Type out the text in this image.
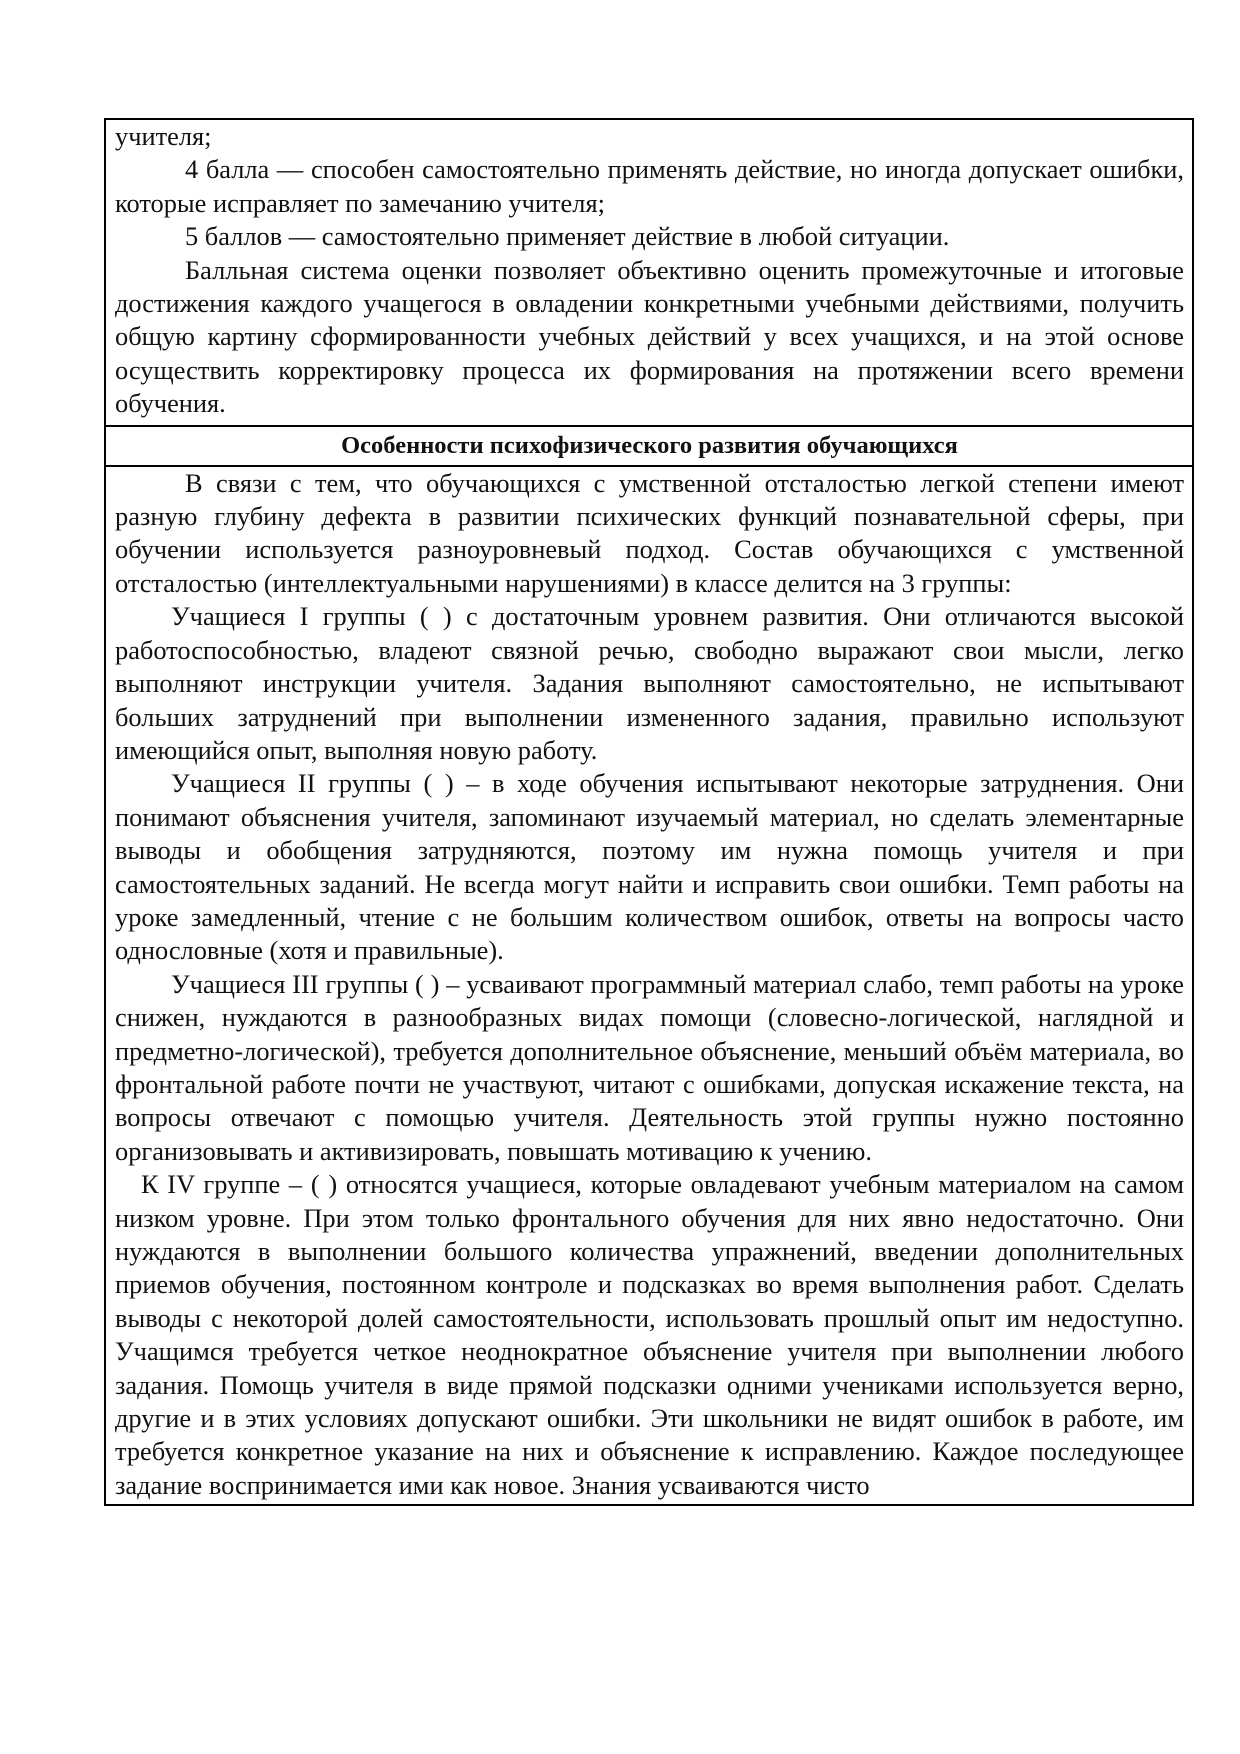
учителя;

4 балла — способен самостоятельно применять действие, но иногда допускает ошибки, которые исправляет по замечанию учителя;

5 баллов — самостоятельно применяет действие в любой ситуации.

Балльная система оценки позволяет объективно оценить промежуточные и итоговые достижения каждого учащегося в овладении конкретными учебными действиями, получить общую картину сформированности учебных действий у всех учащихся, и на этой основе осуществить корректировку процесса их формирования на протяжении всего времени обучения.

Особенности психофизического развития обучающихся

В связи с тем, что обучающихся с умственной отсталостью легкой степени имеют разную глубину дефекта в развитии психических функций познавательной сферы, при обучении используется разноуровневый подход. Состав обучающихся с умственной отсталостью (интеллектуальными нарушениями) в классе делится на 3 группы:

Учащиеся I группы ( ) с достаточным уровнем развития. Они отличаются высокой работоспособностью, владеют связной речью, свободно выражают свои мысли, легко выполняют инструкции учителя. Задания выполняют самостоятельно, не испытывают больших затруднений при выполнении измененного задания, правильно используют имеющийся опыт, выполняя новую работу.

Учащиеся II группы ( ) – в ходе обучения испытывают некоторые затруднения. Они понимают объяснения учителя, запоминают изучаемый материал, но сделать элементарные выводы и обобщения затрудняются, поэтому им нужна помощь учителя и при самостоятельных заданий. Не всегда могут найти и исправить свои ошибки. Темп работы на уроке замедленный, чтение с не большим количеством ошибок, ответы на вопросы часто однословные (хотя и правильные).

Учащиеся III группы ( ) – усваивают программный материал слабо, темп работы на уроке снижен, нуждаются в разнообразных видах помощи (словесно-логической, наглядной и предметно-логической), требуется дополнительное объяснение, меньший объём материала, во фронтальной работе почти не участвуют, читают с ошибками, допуская искажение текста, на вопросы отвечают с помощью учителя. Деятельность этой группы нужно постоянно организовывать и активизировать, повышать мотивацию к учению.

К IV группе – ( ) относятся учащиеся, которые овладевают учебным материалом на самом низком уровне. При этом только фронтального обучения для них явно недостаточно. Они нуждаются в выполнении большого количества упражнений, введении дополнительных приемов обучения, постоянном контроле и подсказках во время выполнения работ. Сделать выводы с некоторой долей самостоятельности, использовать прошлый опыт им недоступно. Учащимся требуется четкое неоднократное объяснение учителя при выполнении любого задания. Помощь учителя в виде прямой подсказки одними учениками используется верно, другие и в этих условиях допускают ошибки. Эти школьники не видят ошибок в работе, им требуется конкретное указание на них и объяснение к исправлению. Каждое последующее задание воспринимается ими как новое. Знания усваиваются чисто
